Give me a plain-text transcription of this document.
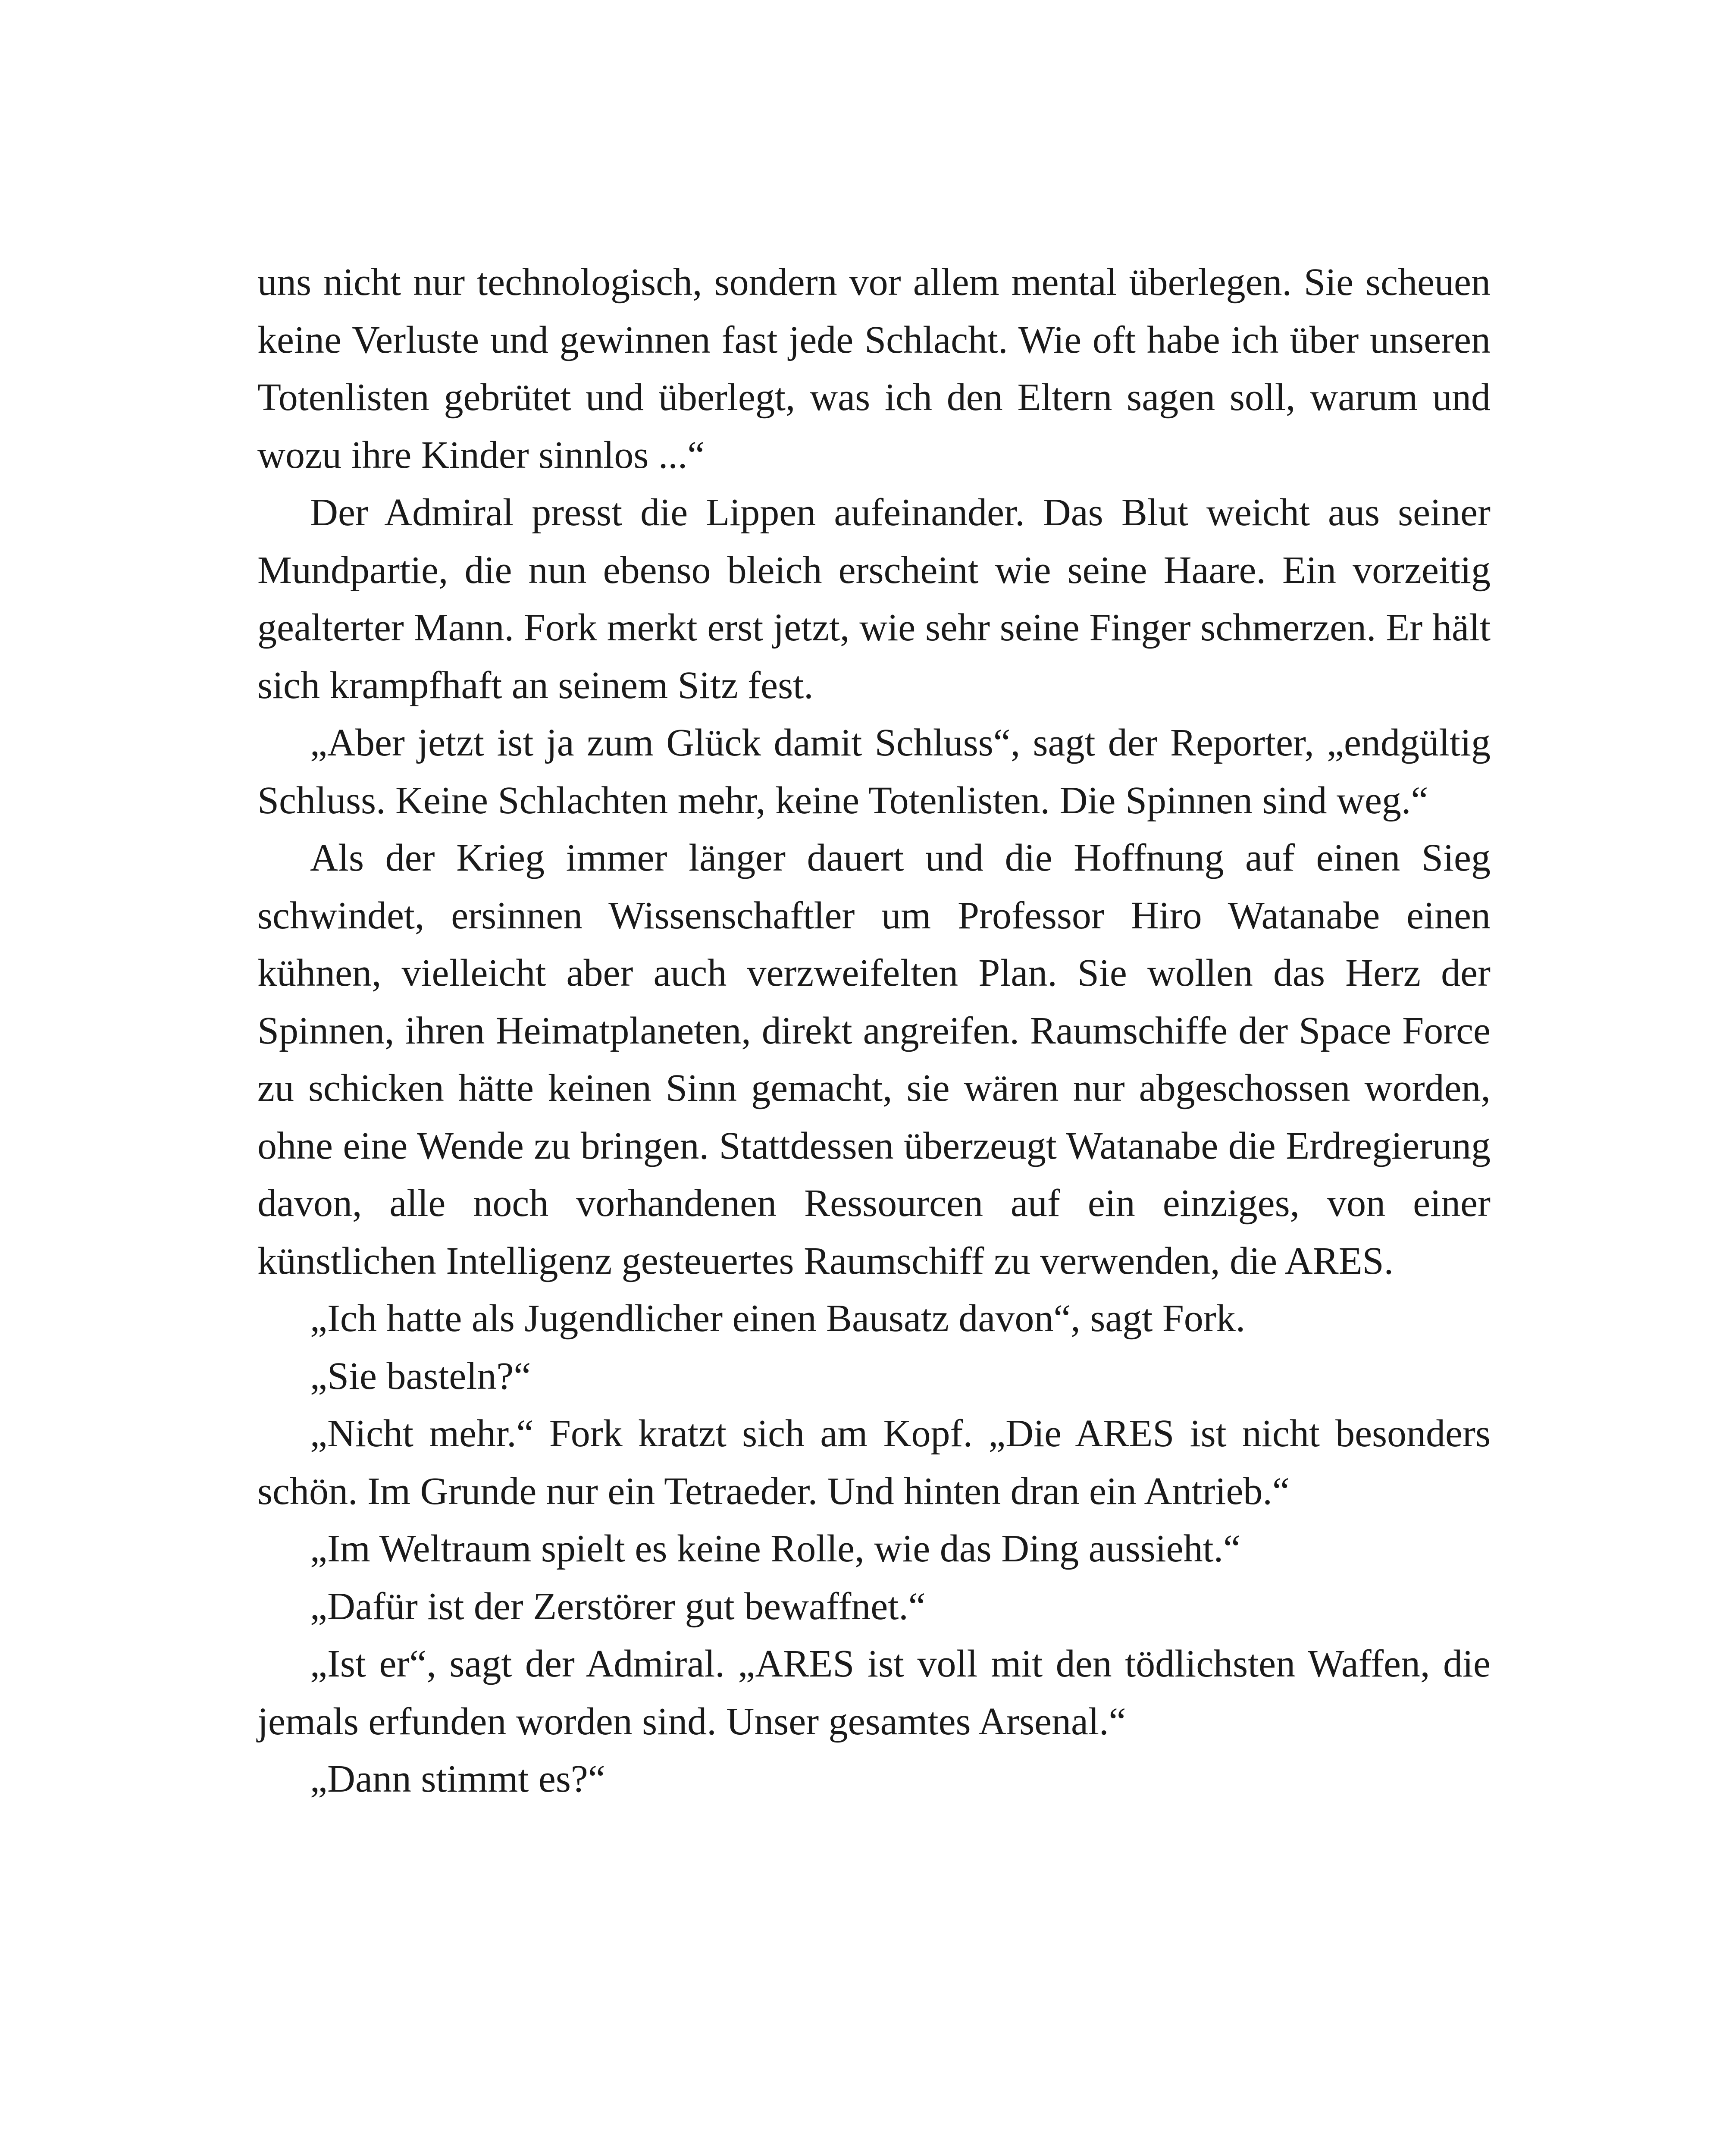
uns nicht nur technologisch, sondern vor allem mental überlegen. Sie scheuen keine Verluste und gewinnen fast jede Schlacht. Wie oft habe ich über unseren Totenlisten gebrütet und überlegt, was ich den Eltern sagen soll, warum und wozu ihre Kinder sinnlos ...“

Der Admiral presst die Lippen aufeinander. Das Blut weicht aus seiner Mundpartie, die nun ebenso bleich erscheint wie seine Haare. Ein vorzeitig gealterter Mann. Fork merkt erst jetzt, wie sehr seine Finger schmerzen. Er hält sich krampfhaft an seinem Sitz fest.

„Aber jetzt ist ja zum Glück damit Schluss“, sagt der Reporter, „endgültig Schluss. Keine Schlachten mehr, keine Totenlisten. Die Spinnen sind weg.“

Als der Krieg immer länger dauert und die Hoffnung auf einen Sieg schwindet, ersinnen Wissenschaftler um Professor Hiro Watanabe einen kühnen, vielleicht aber auch verzweifelten Plan. Sie wollen das Herz der Spinnen, ihren Heimatplaneten, direkt angreifen. Raumschiffe der Space Force zu schicken hätte keinen Sinn gemacht, sie wären nur abgeschossen worden, ohne eine Wende zu bringen. Stattdessen überzeugt Watanabe die Erdregierung davon, alle noch vorhandenen Ressourcen auf ein einziges, von einer künstlichen Intelligenz gesteuertes Raumschiff zu verwenden, die ARES.

„Ich hatte als Jugendlicher einen Bausatz davon“, sagt Fork.

„Sie basteln?“

„Nicht mehr.“ Fork kratzt sich am Kopf. „Die ARES ist nicht besonders schön. Im Grunde nur ein Tetraeder. Und hinten dran ein Antrieb.“

„Im Weltraum spielt es keine Rolle, wie das Ding aussieht.“

„Dafür ist der Zerstörer gut bewaffnet.“

„Ist er“, sagt der Admiral. „ARES ist voll mit den tödlichsten Waffen, die jemals erfunden worden sind. Unser gesamtes Arsenal.“

„Dann stimmt es?“
